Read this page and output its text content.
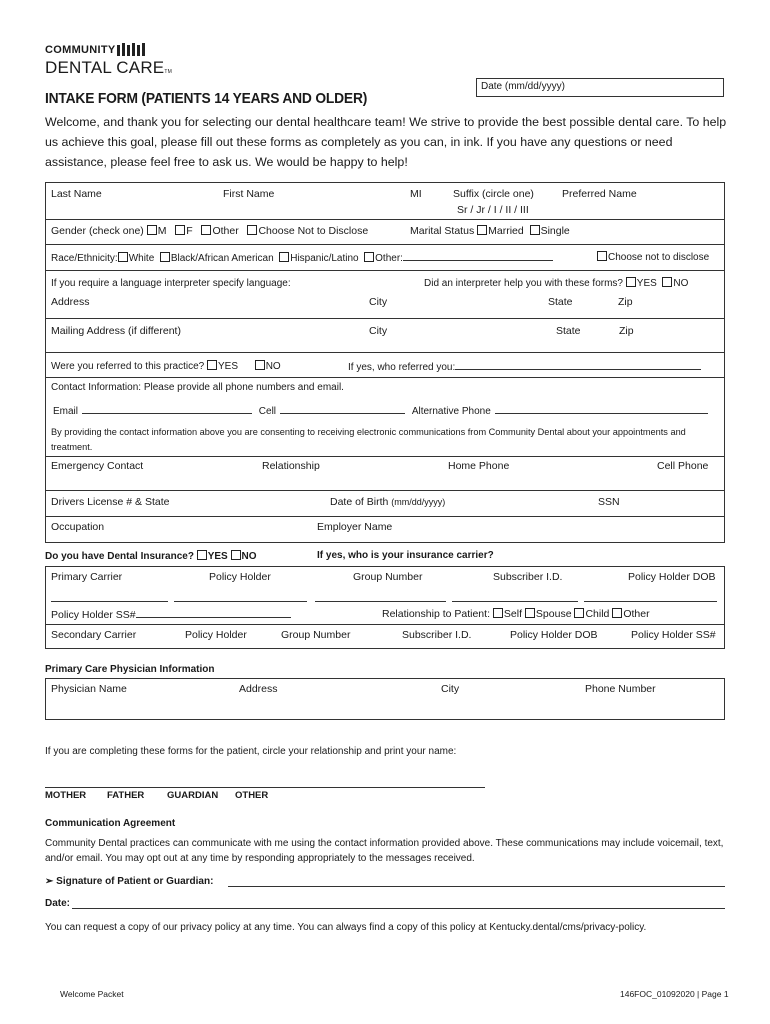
COMMUNITY
DENTAL CARETM
Date (mm/dd/yyyy)
INTAKE FORM (PATIENTS 14 YEARS AND OLDER)
Welcome, and thank you for selecting our dental healthcare team! We strive to provide the best possible dental care. To help us achieve this goal, please fill out these forms as completely as you can, in ink. If you have any questions or need assistance, please feel free to ask us. We would be happy to help!
Last Name	First Name	MI	Suffix (circle one)
Sr / Jr / I / II / III
Preferred Name
Gender (check one) M F Other Choose Not to Disclose	Marital Status Married Single
Race/Ethnicity: White Black/African American Hispanic/Latino Other:	Choose not to disclose
If you require a language interpreter specify language:	Did an interpreter help you with these forms? YES NO
Address	City	State	Zip
Mailing Address (if different)	City	State	Zip
Were you referred to this practice? YES	NO	If yes, who referred you:
Contact Information: Please provide all phone numbers and email.
Email	Cell	Alternative Phone
By providing the contact information above you are consenting to receiving electronic communications from Community Dental about your appointments and treatment.
Emergency Contact	Relationship	Home Phone	Cell Phone
Drivers License # & State	Date of Birth (mm/dd/yyyy)	SSN
Occupation	Employer Name
Do you have Dental Insurance? YES NO	If yes, who is your insurance carrier?
Primary Carrier	Policy Holder	Group Number	Subscriber I.D.	Policy Holder DOB
Policy Holder SS#	Relationship to Patient: Self Spouse Child Other
Secondary Carrier	Policy Holder	Group Number	Subscriber I.D.	Policy Holder DOB	Policy Holder SS#
Primary Care Physician Information
Physician Name	Address	City	Phone Number
If you are completing these forms for the patient, circle your relationship and print your name:
MOTHER FATHER GUARDIAN OTHER
Communication Agreement
Community Dental practices can communicate with me using the contact information provided above. These communications may include voicemail, text, and/or email. You may opt out at any time by responding appropriately to the messages received.
➢ Signature of Patient or Guardian:
Date:
You can request a copy of our privacy policy at any time. You can always find a copy of this policy at Kentucky.dental/cms/privacy-policy.
Welcome Packet	146FOC_01092020 | Page 1
